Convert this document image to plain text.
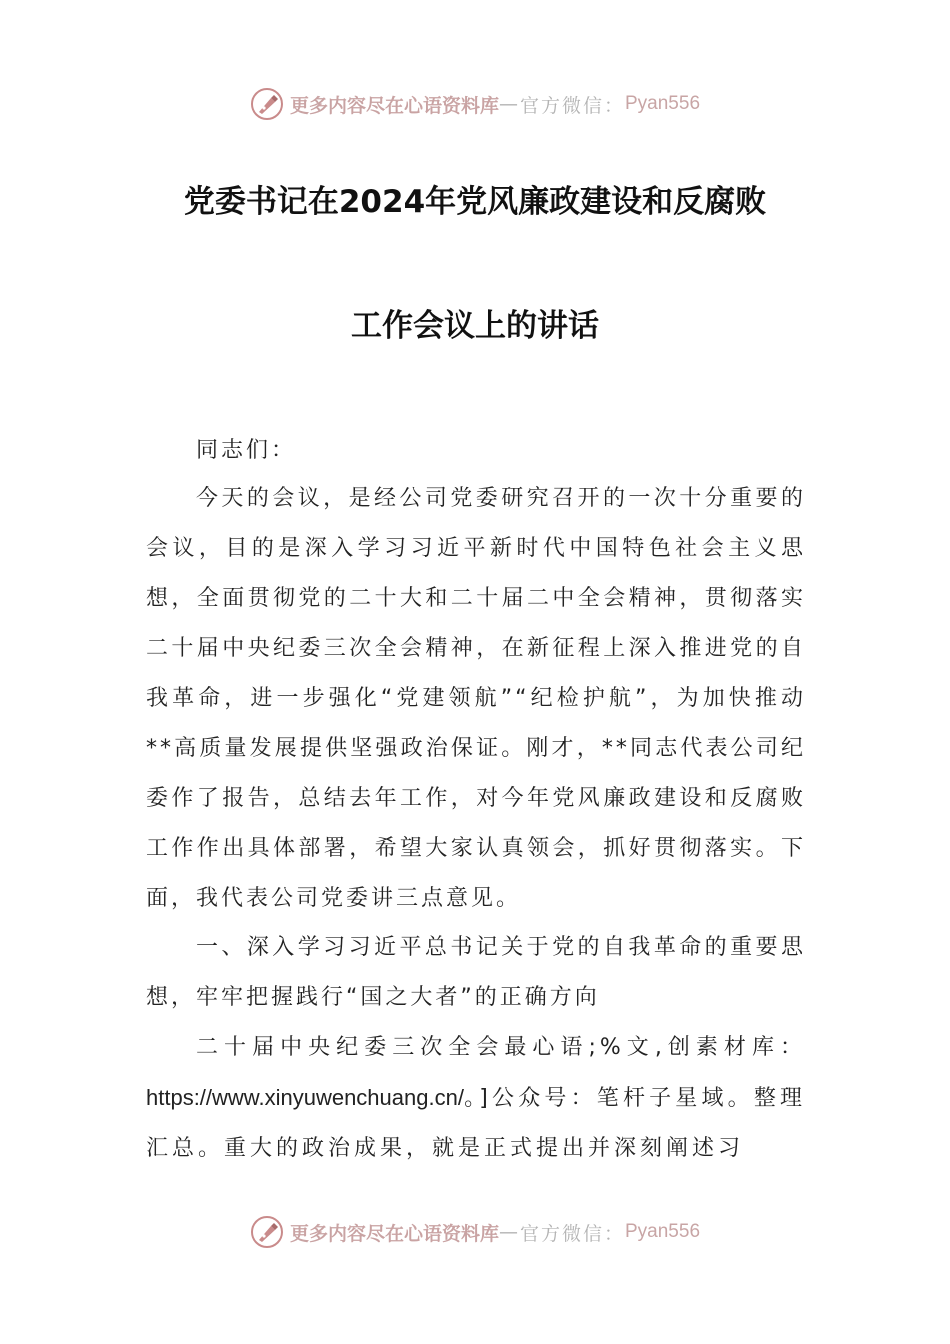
更多内容尽在心语资料库 — 官方微信： Pyan556
党委书记在2024年党风廉政建设和反腐败
工作会议上的讲话

同志们：

今天的会议，是经公司党委研究召开的一次十分重要的会议，目的是深入学习习近平新时代中国特色社会主义思想，全面贯彻党的二十大和二十届二中全会精神，贯彻落实二十届中央纪委三次全会精神，在新征程上深入推进党的自我革命，进一步强化“党建领航”“纪检护航”，为加快推动**高质量发展提供坚强政治保证。刚才，**同志代表公司纪委作了报告，总结去年工作，对今年党风廉政建设和反腐败工作作出具体部署，希望大家认真领会，抓好贯彻落实。下面，我代表公司党委讲三点意见。

一、深入学习习近平总书记关于党的自我革命的重要思想，牢牢把握践行“国之大者”的正确方向

二十届中央纪委三次全会最心语;%文,创素材库：https://www.xinyuwenchuang.cn/。]公众号：笔杆子星域。整理汇总。重大的政治成果，就是正式提出并深刻阐述习

更多内容尽在心语资料库 — 官方微信： Pyan556
